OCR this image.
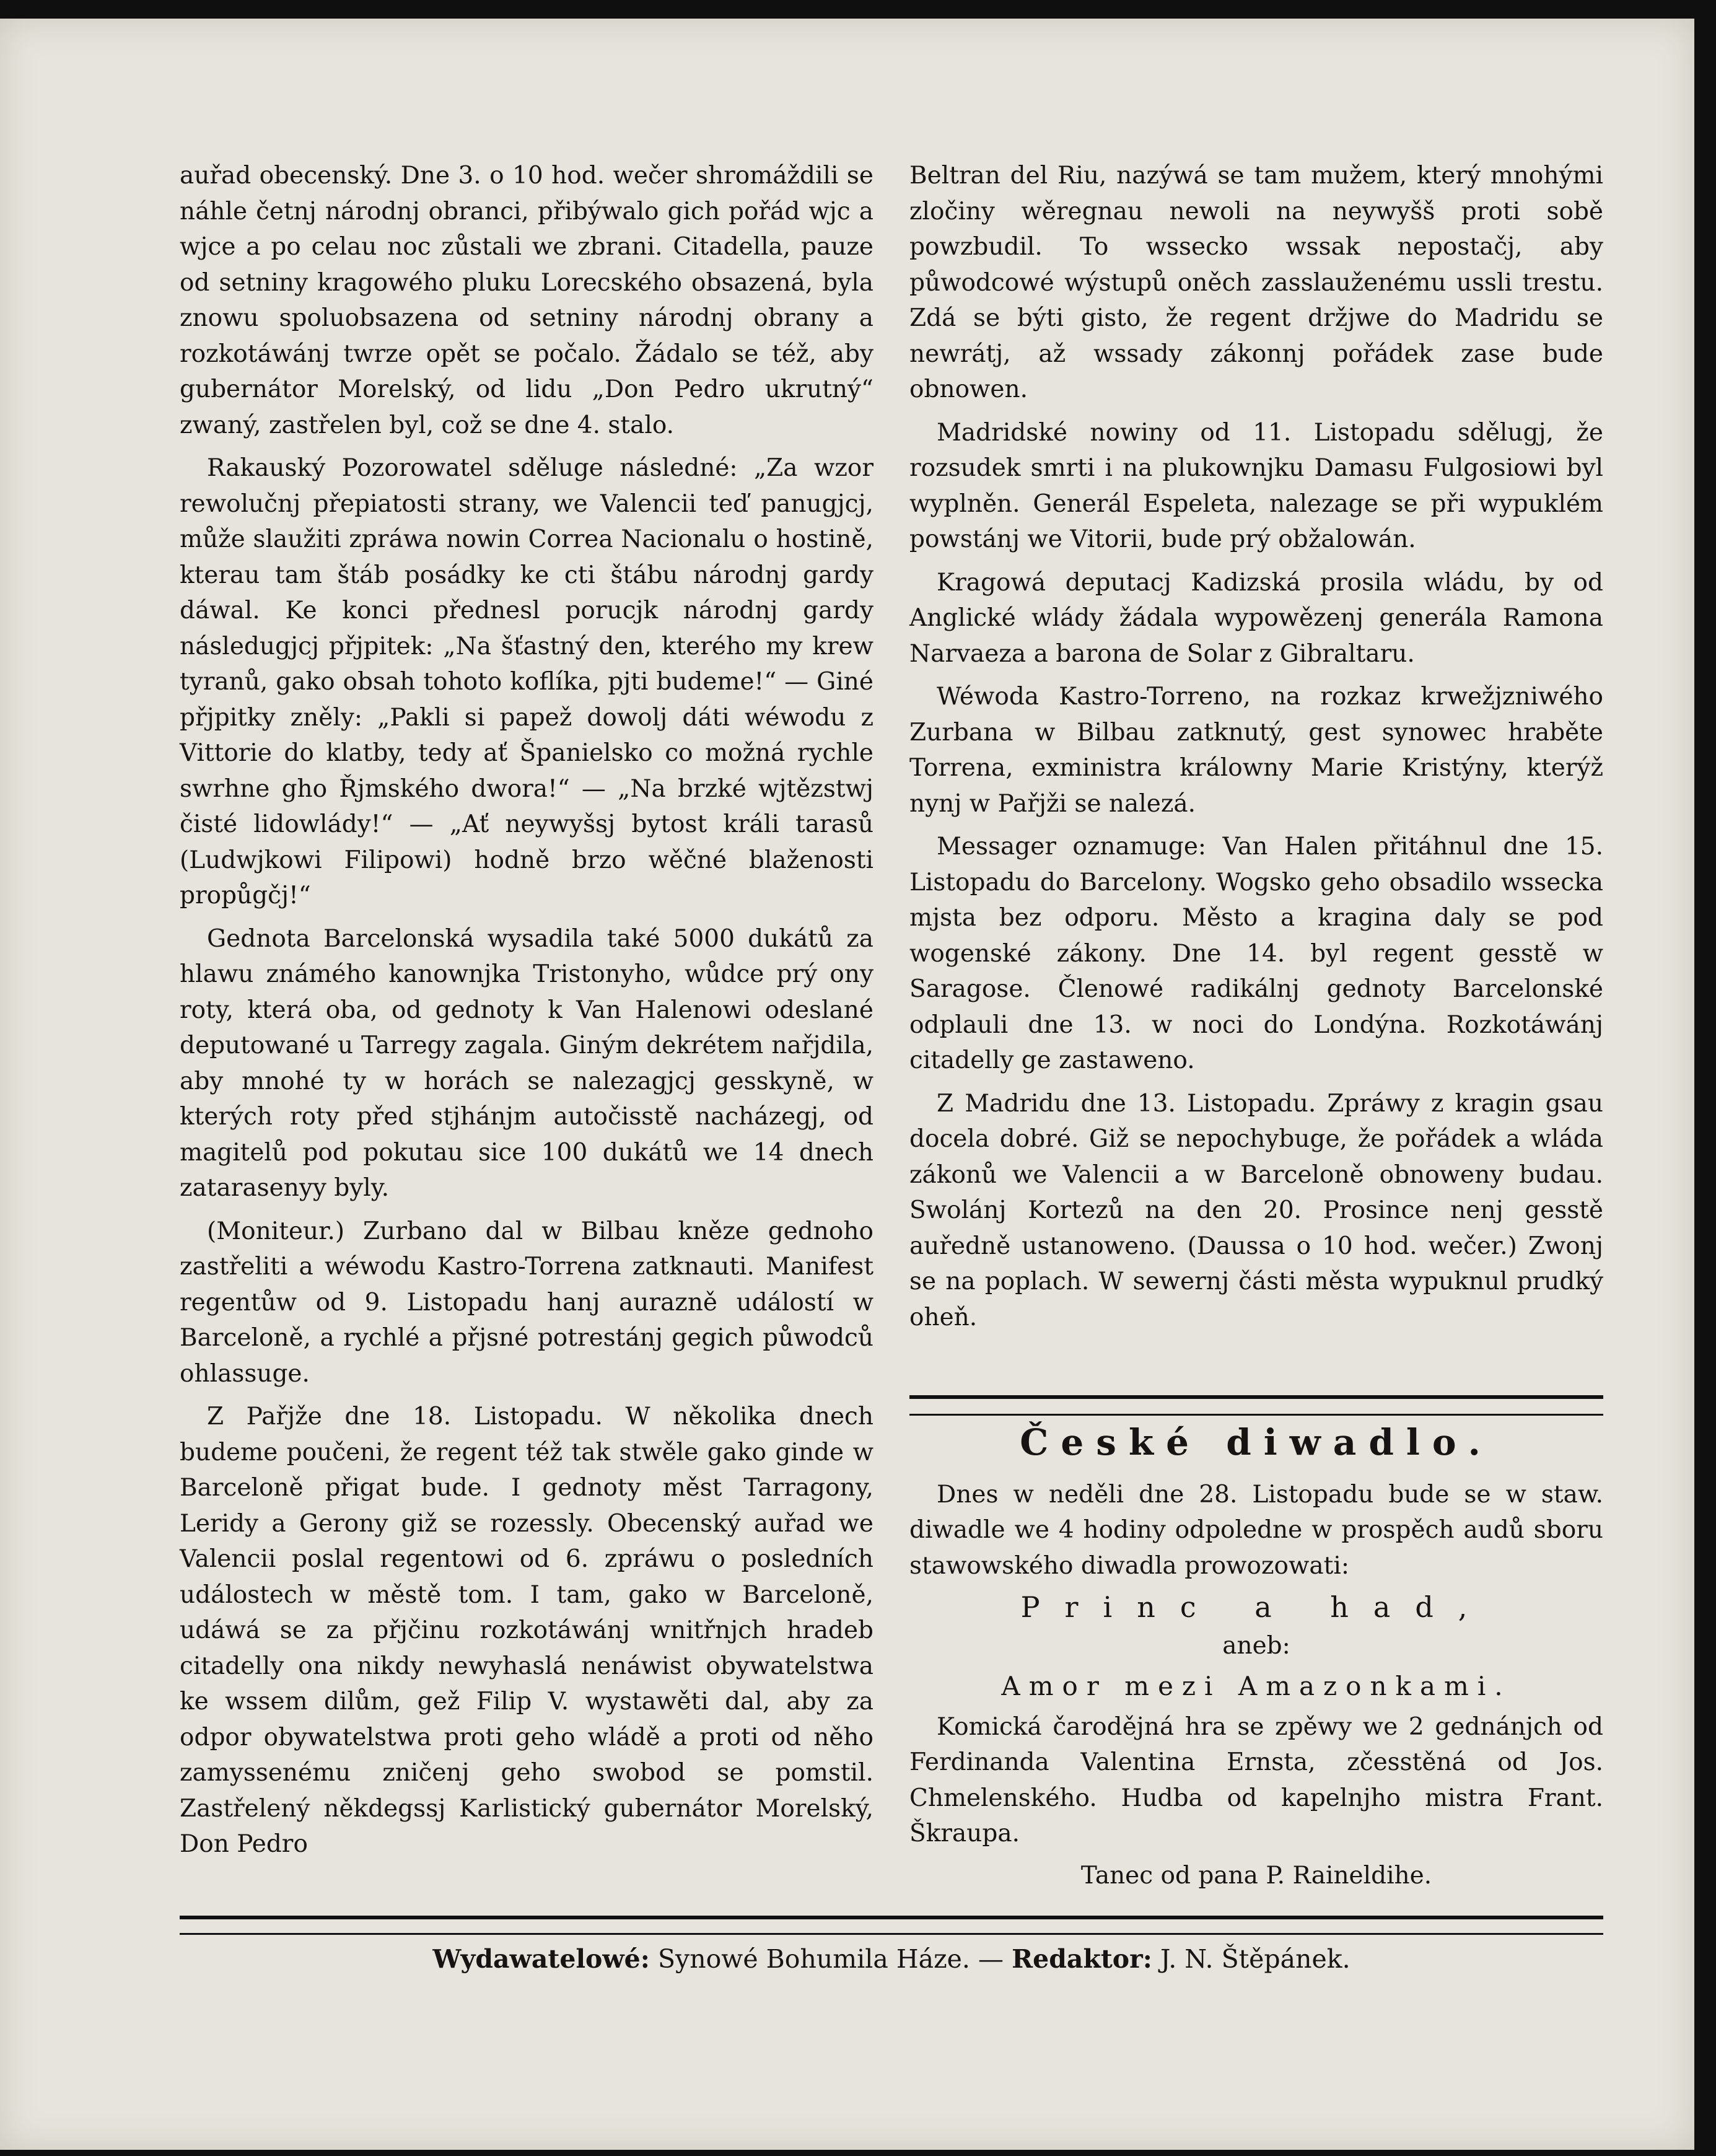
auřad obecenský. Dne 3. o 10 hod. wečer shromáždili se náhle četnj národnj obranci, přibýwalo gich pořád wjc a wjce a po celau noc zůstali we zbrani. Citadella, pauze od setniny kragowého pluku Lorecského obsazená, byla znowu spoluobsazena od setniny národnj obrany a rozkotáwánj twrze opět se počalo. Žádalo se též, aby gubernátor Morelský, od lidu „Don Pedro ukrutný“ zwaný, zastřelen byl, což se dne 4. stalo.

Rakauský Pozorowatel sděluge následné: „Za wzor rewolučnj přepiatosti strany, we Valencii teď panugjcj, může slaužiti zpráwa nowin Correa Nacionalu o hostině, kterau tam štáb posádky ke cti štábu národnj gardy dáwal. Ke konci přednesl porucjk národnj gardy následugjcj přjpitek: „Na šťastný den, kterého my krew tyranů, gako obsah tohoto koflíka, pjti budeme!“ — Giné přjpitky zněly: „Pakli si papež dowolj dáti wéwodu z Vittorie do klatby, tedy ať Španielsko co možná rychle swrhne gho Řjmského dwora!“ — „Na brzké wjtězstwj čisté lidowlády!“ — „Ať neywyšsj bytost králi tarasů (Ludwjkowi Filipowi) hodně brzo wěčné blaženosti propůgčj!“

Gednota Barcelonská wysadila také 5000 dukátů za hlawu známého kanownjka Tristonyho, wůdce prý ony roty, která oba, od gednoty k Van Halenowi odeslané deputowané u Tarregy zagala. Giným dekrétem nařjdila, aby mnohé ty w horách se nalezagjcj gesskyně, w kterých roty před stjhánjm autočisstě nacházegj, od magitelů pod pokutau sice 100 dukátů we 14 dnech zatarasenyy byly.

(Moniteur.) Zurbano dal w Bilbau kněze gednoho zastřeliti a wéwodu Kastro-Torrena zatknauti. Manifest regentůw od 9. Listopadu hanj aurazně událostí w Barceloně, a rychlé a přjsné potrestánj gegich půwodců ohlassuge.

Z Pařjže dne 18. Listopadu. W několika dnech budeme poučeni, že regent též tak stwěle gako ginde w Barceloně přigat bude. I gednoty měst Tarragony, Leridy a Gerony giž se rozessly. Obecenský auřad we Valencii poslal regentowi od 6. zpráwu o posledních událostech w městě tom. I tam, gako w Barceloně, udáwá se za přjčinu rozkotáwánj wnitřnjch hradeb citadelly ona nikdy newyhaslá nenáwist obywatelstwa ke wssem dilům, gež Filip V. wystawěti dal, aby za odpor obywatelstwa proti geho wládě a proti od něho zamyssenému zničenj geho swobod se pomstil. Zastřelený někdegssj Karlistický gubernátor Morelský, Don Pedro

Beltran del Riu, nazýwá se tam mužem, který mnohými zločiny wěregnau newoli na neywyšš proti sobě powzbudil. To wssecko wssak nepostačj, aby půwodcowé wýstupů oněch zasslauženému ussli trestu. Zdá se býti gisto, že regent držjwe do Madridu se newrátj, až wssady zákonnj pořádek zase bude obnowen.

Madridské nowiny od 11. Listopadu sdělugj, že rozsudek smrti i na plukownjku Damasu Fulgosiowi byl wyplněn. Generál Espeleta, nalezage se při wypuklém powstánj we Vitorii, bude prý obžalowán.

Kragowá deputacj Kadizská prosila wládu, by od Anglické wlády žádala wypowězenj generála Ramona Narvaeza a barona de Solar z Gibraltaru.

Wéwoda Kastro-Torreno, na rozkaz krwežjzniwého Zurbana w Bilbau zatknutý, gest synowec hraběte Torrena, exministra králowny Marie Kristýny, kterýž nynj w Pařjži se nalezá.

Messager oznamuge: Van Halen přitáhnul dne 15. Listopadu do Barcelony. Wogsko geho obsadilo wssecka mjsta bez odporu. Město a kragina daly se pod wogenské zákony. Dne 14. byl regent gesstě w Saragose. Členowé radikálnj gednoty Barcelonské odplauli dne 13. w noci do Londýna. Rozkotáwánj citadelly ge zastaweno.

Z Madridu dne 13. Listopadu. Zpráwy z kragin gsau docela dobré. Giž se nepochybuge, že pořádek a wláda zákonů we Valencii a w Barceloně obnoweny budau. Swolánj Kortezů na den 20. Prosince nenj gesstě auředně ustanoweno. (Daussa o 10 hod. wečer.) Zwonj se na poplach. W sewernj části města wypuknul prudký oheň.

České diwadlo.

Dnes w neděli dne 28. Listopadu bude se w staw. diwadle we 4 hodiny odpoledne w prospěch audů sboru stawowského diwadla prowozowati:

Princ a had,
aneb:
Amor mezi Amazonkami.

Komická čarodějná hra se zpěwy we 2 gednánjch od Ferdinanda Valentina Ernsta, zčesstěná od Jos. Chmelenského. Hudba od kapelnjho mistra Frant. Škraupa.

Tanec od pana P. Raineldihe.
Wydawatelowé: Synowé Bohumila Háze. — Redaktor: J. N. Štěpánek.
